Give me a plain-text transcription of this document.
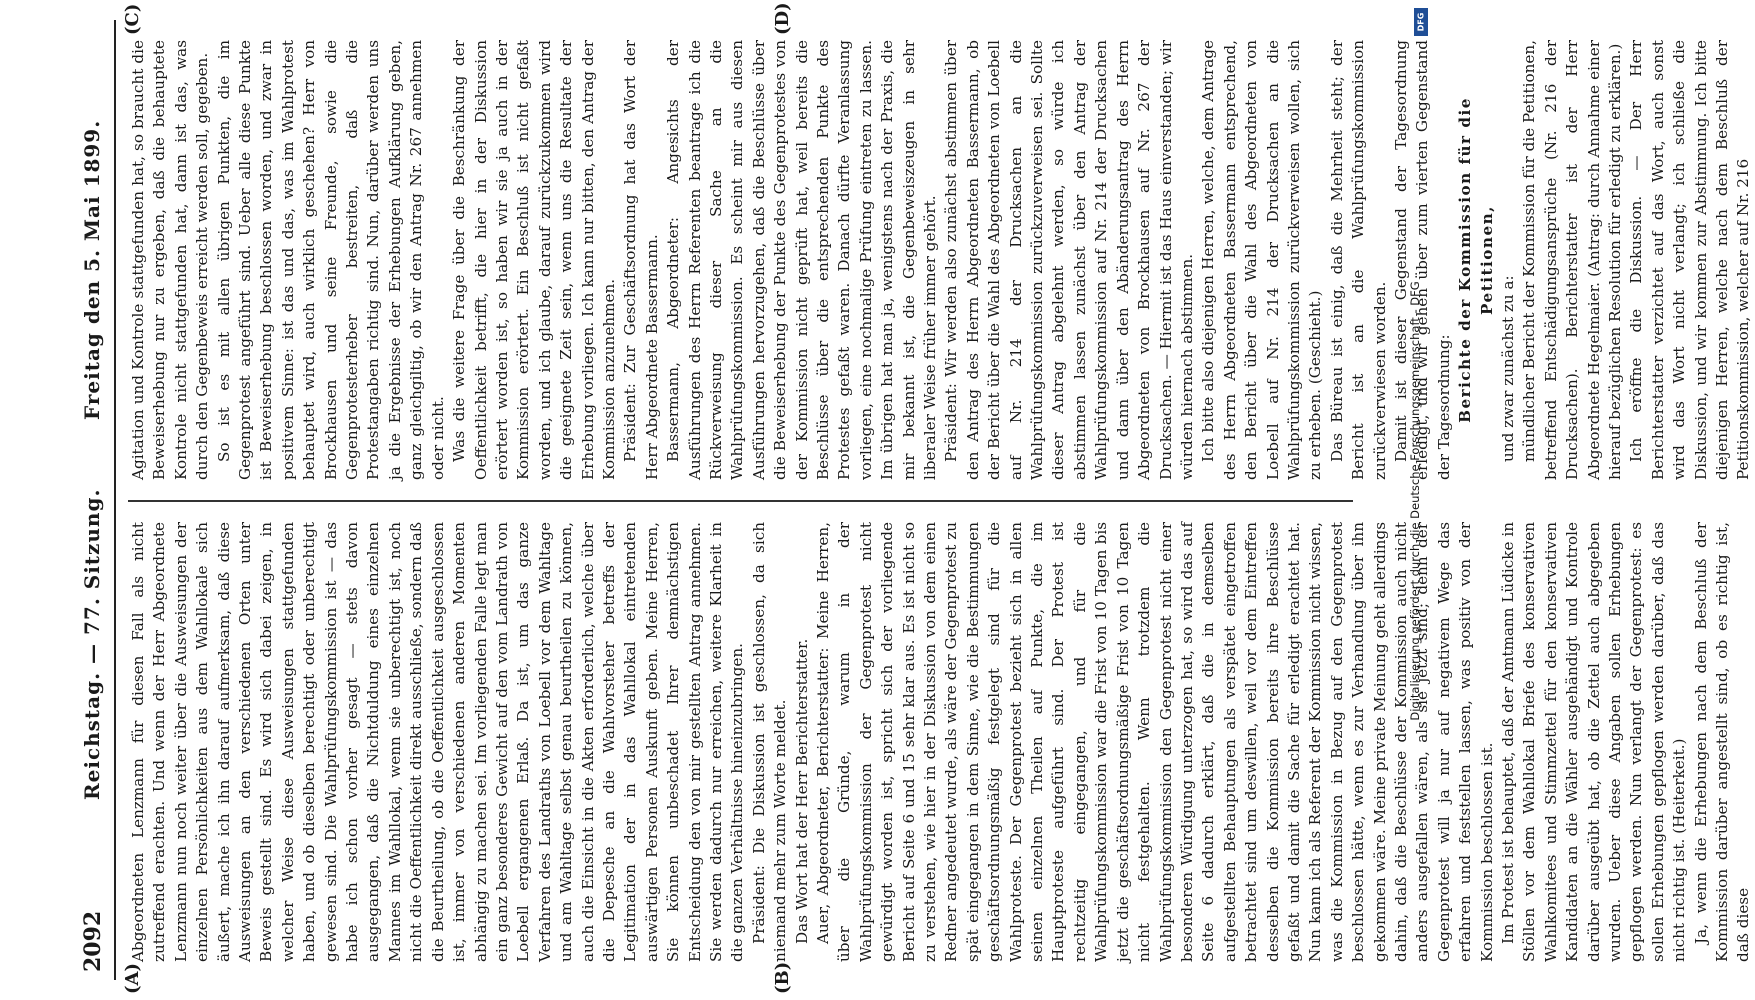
2092
Reichstag. — 77. Sitzung.
Freitag den 5. Mai 1899.
(A)	(B)
(C)	(D)

Abgeordneten Lenzmann für diesen Fall als nicht zutreffend erachten. Und wenn der Herr Abgeordnete Lenzmann nun noch weiter über die Ausweisungen der einzelnen Persönlichkeiten aus dem Wahllokale sich äußert, mache ich ihn darauf aufmerksam, daß diese Ausweisungen an den verschiedenen Orten unter Beweis gestellt sind. Es wird sich dabei zeigen, in welcher Weise diese Ausweisungen stattgefunden haben, und ob dieselben berechtigt oder unberechtigt gewesen sind. Die Wahlprüfungskommission ist — das habe ich schon vorher gesagt — stets davon ausgegangen, daß die Nichtduldung eines einzelnen Mannes im Wahllokal, wenn sie unberechtigt ist, noch nicht die Oeffentlichkeit direkt ausschließe, sondern daß die Beurtheilung, ob die Oeffentlichkeit ausgeschlossen ist, immer von verschiedenen anderen Momenten abhängig zu machen sei. Im vorliegenden Falle legt man ein ganz besonderes Gewicht auf den vom Landrath von Loebell ergangenen Erlaß. Da ist, um das ganze Verfahren des Landraths von Loebell vor dem Wahltage und am Wahltage selbst genau beurtheilen zu können, auch die Einsicht in die Akten erforderlich, welche über die Depesche an die Wahlvorsteher betreffs der Legitimation der in das Wahllokal eintretenden auswärtigen Personen Auskunft geben. Meine Herren, Sie können unbeschadet Ihrer demnächstigen Entscheidung den von mir gestellten Antrag annehmen. Sie werden dadurch nur erreichen, weitere Klarheit in die ganzen Verhältnisse hineinzubringen. Präsident: Die Diskussion ist geschlossen, da sich niemand mehr zum Worte meldet. Das Wort hat der Herr Berichterstatter. Auer, Abgeordneter, Berichterstatter: Meine Herren, über die Gründe, warum in der Wahlprüfungskommission der Gegenprotest nicht gewürdigt worden ist, spricht sich der vorliegende Bericht auf Seite 6 und 15 sehr klar aus. Es ist nicht so zu verstehen, wie hier in der Diskussion von dem einen Redner angedeutet wurde, als wäre der Gegenprotest zu spät eingegangen in dem Sinne, wie die Bestimmungen geschäftsordnungsmäßig festgelegt sind für die Wahlproteste. Der Gegenprotest bezieht sich in allen seinen einzelnen Theilen auf Punkte, die im Hauptproteste aufgeführt sind. Der Protest ist rechtzeitig eingegangen, und für die Wahlprüfungskommission war die Frist von 10 Tagen bis jetzt die geschäftsordnungsmäßige Frist von 10 Tagen nicht festgehalten. Wenn trotzdem die Wahlprüfungskommission den Gegenprotest nicht einer besonderen Würdigung unterzogen hat, so wird das auf Seite 6 dadurch erklärt, daß die in demselben aufgestellten Behauptungen als verspätet eingetroffen betrachtet sind um deswillen, weil vor dem Eintreffen desselben die Kommission bereits ihre Beschlüsse gefaßt und damit die Sache für erledigt erachtet hat. Nun kann ich als Referent der Kommission nicht wissen, was die Kommission in Bezug auf den Gegenprotest beschlossen hätte, wenn es zur Verhandlung über ihn gekommen wäre. Meine private Meinung geht allerdings dahin, daß die Beschlüsse der Kommission auch nicht anders ausgefallen wären, als sie jetzt sind; denn der Gegenprotest will ja nur auf negativem Wege das erfahren und feststellen lassen, was positiv von der Kommission beschlossen ist. Im Protest ist behauptet, daß der Amtmann Lüdicke in Stöllen vor dem Wahllokal Briefe des konservativen Wahlkomitees und Stimmzettel für den konservativen Kandidaten an die Wähler ausgehändigt und Kontrole darüber ausgeübt hat, ob die Zettel auch abgegeben wurden. Ueber diese Angaben sollen Erhebungen gepflogen werden. Nun verlangt der Gegenprotest: es sollen Erhebungen gepflogen werden darüber, daß das nicht richtig ist. (Heiterkeit.) Ja, wenn die Erhebungen nach dem Beschluß der Kommission darüber angestellt sind, ob es richtig ist, daß diese

Agitation und Kontrole stattgefunden hat, so braucht die Beweiserhebung nur zu ergeben, daß die behauptete Kontrole nicht stattgefunden hat, dann ist das, was durch den Gegenbeweis erreicht werden soll, gegeben. So ist es mit allen übrigen Punkten, die im Gegenprotest angeführt sind. Ueber alle diese Punkte ist Beweiserhebung beschlossen worden, und zwar in positivem Sinne: ist das und das, was im Wahlprotest behauptet wird, auch wirklich geschehen? Herr von Brockhausen und seine Freunde, sowie die Gegenprotesterheber bestreiten, daß die Protestangaben richtig sind. Nun, darüber werden uns ja die Ergebnisse der Erhebungen Aufklärung geben, ganz gleichgiltig, ob wir den Antrag Nr. 267 annehmen oder nicht. Was die weitere Frage über die Beschränkung der Oeffentlichkeit betrifft, die hier in der Diskussion erörtert worden ist, so haben wir sie ja auch in der Kommission erörtert. Ein Beschluß ist nicht gefaßt worden, und ich glaube, darauf zurückzukommen wird die geeignete Zeit sein, wenn uns die Resultate der Erhebung vorliegen. Ich kann nur bitten, den Antrag der Kommission anzunehmen. Präsident: Zur Geschäftsordnung hat das Wort der Herr Abgeordnete Bassermann. Bassermann, Abgeordneter: Angesichts der Ausführungen des Herrn Referenten beantrage ich die Rückverweisung dieser Sache an die Wahlprüfungskommission. Es scheint mir aus diesen Ausführungen hervorzugehen, daß die Beschlüsse über die Beweiserhebung der Punkte des Gegenprotestes von der Kommission nicht geprüft hat, weil bereits die Beschlüsse über die entsprechenden Punkte des Protestes gefaßt waren. Danach dürfte Veranlassung vorliegen, eine nochmalige Prüfung eintreten zu lassen. Im übrigen hat man ja, wenigstens nach der Praxis, die mir bekannt ist, die Gegenbeweiszeugen in sehr liberaler Weise früher immer gehört. Präsident: Wir werden also zunächst abstimmen über den Antrag des Herrn Abgeordneten Bassermann, ob der Bericht über die Wahl des Abgeordneten von Loebell auf Nr. 214 der Drucksachen an die Wahlprüfungskommission zurückzuverweisen sei. Sollte dieser Antrag abgelehnt werden, so würde ich abstimmen lassen zunächst über den Antrag der Wahlprüfungskommission auf Nr. 214 der Drucksachen und dann über den Abänderungsantrag des Herrn Abgeordneten von Brockhausen auf Nr. 267 der Drucksachen. — Hiermit ist das Haus einverstanden; wir würden hiernach abstimmen. Ich bitte also diejenigen Herren, welche, dem Antrage des Herrn Abgeordneten Bassermann entsprechend, den Bericht über die Wahl des Abgeordneten von Loebell auf Nr. 214 der Drucksachen an die Wahlprüfungskommission zurückverweisen wollen, sich zu erheben. (Geschieht.) Das Büreau ist einig, daß die Mehrheit steht; der Bericht ist an die Wahlprüfungskommission zurückverwiesen worden. Damit ist dieser Gegenstand der Tagesordnung erledigt, und wir gehen über zum vierten Gegenstand der Tagesordnung: Berichte der Kommission für die Petitionen,

und zwar zunächst zu a: mündlicher Bericht der Kommission für die Petitionen, betreffend Entschädigungsansprüche (Nr. 216 der Drucksachen). Berichterstatter ist der Herr Abgeordnete Hegelmaier. (Antrag: durch Annahme einer hierauf bezüglichen Resolution für erledigt zu erklären.) Ich eröffne die Diskussion. — Der Herr Berichterstatter verzichtet auf das Wort, auch sonst wird das Wort nicht verlangt; ich schließe die Diskussion, und wir kommen zur Abstimmung. Ich bitte diejenigen Herren, welche nach dem Beschluß der Petitionskommission, welcher auf Nr. 216

Digitalisierung gefördert durch die Deutsche Forschungsgemeinschaft - DFG
DFG
